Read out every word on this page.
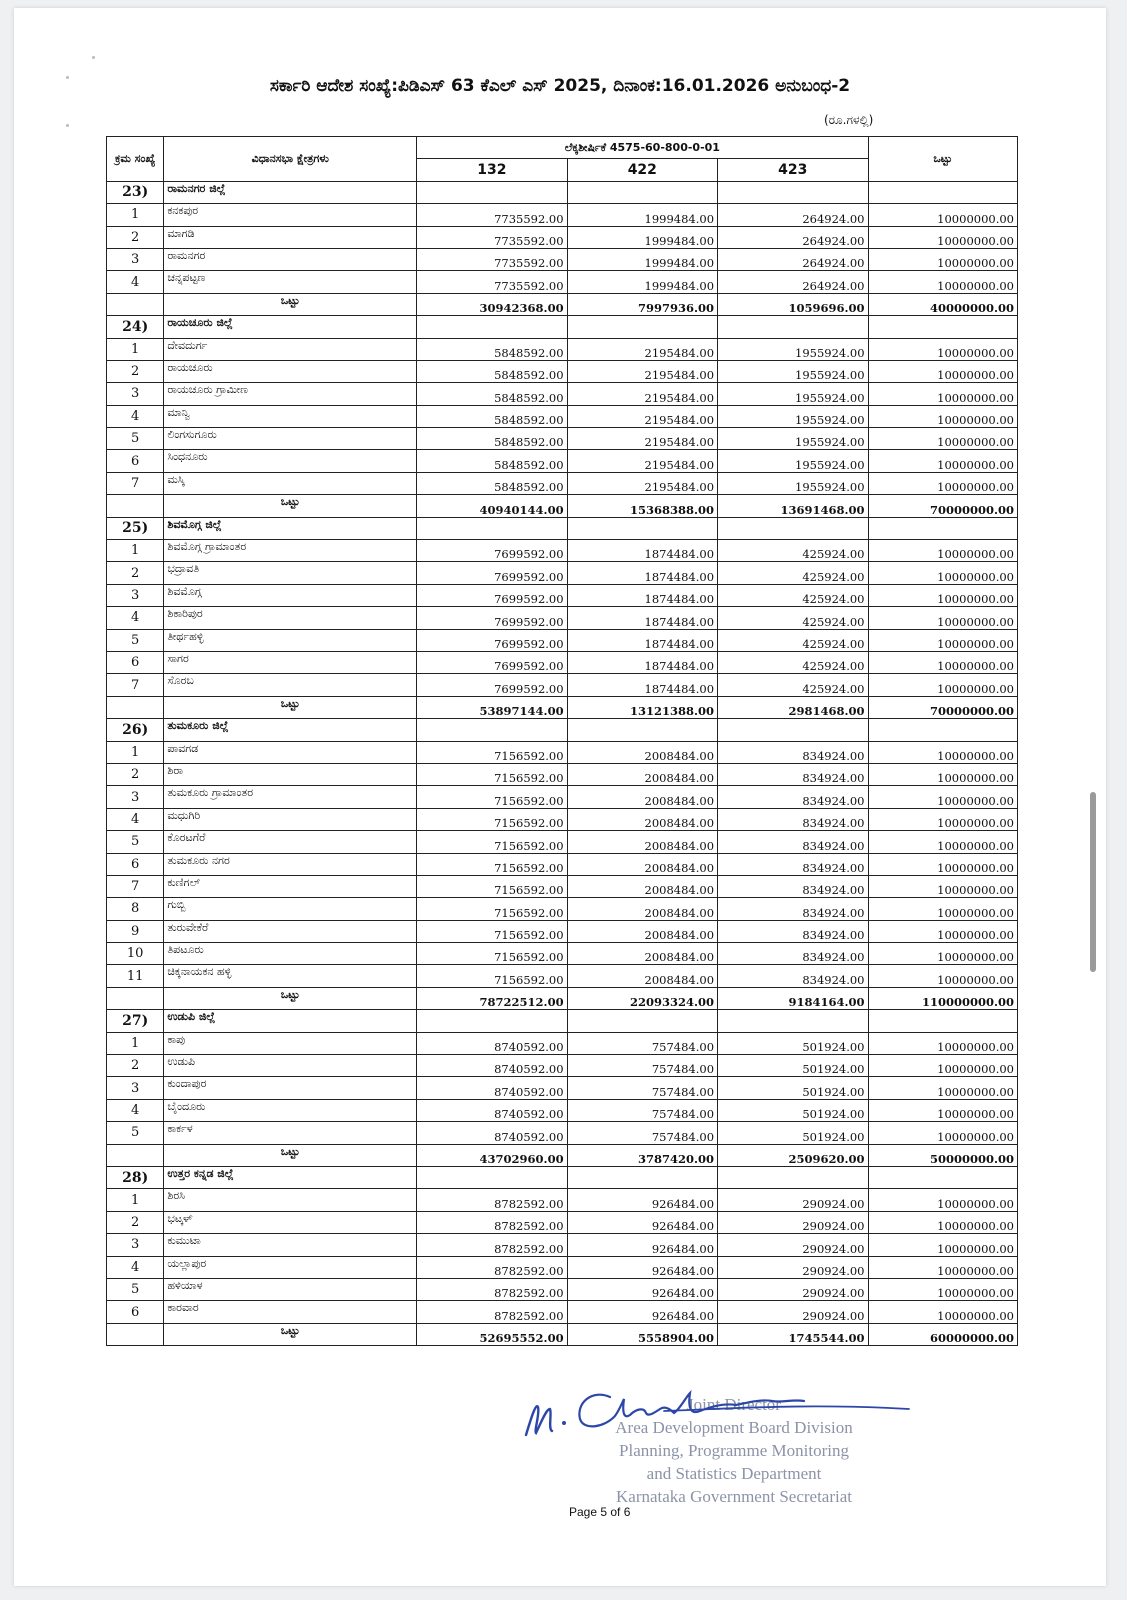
ಸರ್ಕಾರಿ ಆದೇಶ ಸಂಖ್ಯೆ:ಪಿಡಿಎಸ್ 63 ಕೆಎಲ್ ಎಸ್ 2025, ದಿನಾಂಕ:16.01.2026 ಅನುಬಂಧ-2
(ರೂ.ಗಳಲ್ಲಿ)
ಕ್ರಮ ಸಂಖ್ಯೆ	ವಿಧಾನಸಭಾ ಕ್ಷೇತ್ರಗಳು	ಲೆಕ್ಕಶೀರ್ಷಿಕೆ 4575-60-800-0-01			ಒಟ್ಟು
		132	422	423	
23)	ರಾಮನಗರ ಜಿಲ್ಲೆ				
1	ಕನಕಪುರ	7735592.00	1999484.00	264924.00	10000000.00
2	ಮಾಗಡಿ	7735592.00	1999484.00	264924.00	10000000.00
3	ರಾಮನಗರ	7735592.00	1999484.00	264924.00	10000000.00
4	ಚನ್ನಪಟ್ಟಣ	7735592.00	1999484.00	264924.00	10000000.00
	ಒಟ್ಟು	30942368.00	7997936.00	1059696.00	40000000.00
24)	ರಾಯಚೂರು ಜಿಲ್ಲೆ				
1	ದೇವದುರ್ಗ	5848592.00	2195484.00	1955924.00	10000000.00
2	ರಾಯಚೂರು	5848592.00	2195484.00	1955924.00	10000000.00
3	ರಾಯಚೂರು ಗ್ರಾಮೀಣ	5848592.00	2195484.00	1955924.00	10000000.00
4	ಮಾನ್ವಿ	5848592.00	2195484.00	1955924.00	10000000.00
5	ಲಿಂಗಸುಗೂರು	5848592.00	2195484.00	1955924.00	10000000.00
6	ಸಿಂಧನೂರು	5848592.00	2195484.00	1955924.00	10000000.00
7	ಮಸ್ಕಿ	5848592.00	2195484.00	1955924.00	10000000.00
	ಒಟ್ಟು	40940144.00	15368388.00	13691468.00	70000000.00
25)	ಶಿವಮೊಗ್ಗ ಜಿಲ್ಲೆ				
1	ಶಿವಮೊಗ್ಗ ಗ್ರಾಮಾಂತರ	7699592.00	1874484.00	425924.00	10000000.00
2	ಭದ್ರಾವತಿ	7699592.00	1874484.00	425924.00	10000000.00
3	ಶಿವಮೊಗ್ಗ	7699592.00	1874484.00	425924.00	10000000.00
4	ಶಿಕಾರಿಪುರ	7699592.00	1874484.00	425924.00	10000000.00
5	ತೀರ್ಥಹಳ್ಳಿ	7699592.00	1874484.00	425924.00	10000000.00
6	ಸಾಗರ	7699592.00	1874484.00	425924.00	10000000.00
7	ಸೊರಬ	7699592.00	1874484.00	425924.00	10000000.00
	ಒಟ್ಟು	53897144.00	13121388.00	2981468.00	70000000.00
26)	ತುಮಕೂರು ಜಿಲ್ಲೆ				
1	ಪಾವಗಡ	7156592.00	2008484.00	834924.00	10000000.00
2	ಶಿರಾ	7156592.00	2008484.00	834924.00	10000000.00
3	ತುಮಕೂರು ಗ್ರಾಮಾಂತರ	7156592.00	2008484.00	834924.00	10000000.00
4	ಮಧುಗಿರಿ	7156592.00	2008484.00	834924.00	10000000.00
5	ಕೊರಟಗೆರೆ	7156592.00	2008484.00	834924.00	10000000.00
6	ತುಮಕೂರು ನಗರ	7156592.00	2008484.00	834924.00	10000000.00
7	ಕುಣಿಗಲ್	7156592.00	2008484.00	834924.00	10000000.00
8	ಗುಬ್ಬಿ	7156592.00	2008484.00	834924.00	10000000.00
9	ತುರುವೇಕೆರೆ	7156592.00	2008484.00	834924.00	10000000.00
10	ತಿಪಟೂರು	7156592.00	2008484.00	834924.00	10000000.00
11	ಚಿಕ್ಕನಾಯಕನ ಹಳ್ಳಿ	7156592.00	2008484.00	834924.00	10000000.00
	ಒಟ್ಟು	78722512.00	22093324.00	9184164.00	110000000.00
27)	ಉಡುಪಿ ಜಿಲ್ಲೆ				
1	ಕಾಪು	8740592.00	757484.00	501924.00	10000000.00
2	ಉಡುಪಿ	8740592.00	757484.00	501924.00	10000000.00
3	ಕುಂದಾಪುರ	8740592.00	757484.00	501924.00	10000000.00
4	ಬೈಂದೂರು	8740592.00	757484.00	501924.00	10000000.00
5	ಕಾರ್ಕಳ	8740592.00	757484.00	501924.00	10000000.00
	ಒಟ್ಟು	43702960.00	3787420.00	2509620.00	50000000.00
28)	ಉತ್ತರ ಕನ್ನಡ ಜಿಲ್ಲೆ				
1	ಶಿರಸಿ	8782592.00	926484.00	290924.00	10000000.00
2	ಭಟ್ಕಳ್	8782592.00	926484.00	290924.00	10000000.00
3	ಕುಮುಟಾ	8782592.00	926484.00	290924.00	10000000.00
4	ಯಲ್ಲಾಪುರ	8782592.00	926484.00	290924.00	10000000.00
5	ಹಳಿಯಾಳ	8782592.00	926484.00	290924.00	10000000.00
6	ಕಾರವಾರ	8782592.00	926484.00	290924.00	10000000.00
	ಒಟ್ಟು	52695552.00	5558904.00	1745544.00	60000000.00
Joint Director
Area Development Board Division
Planning, Programme Monitoring
and Statistics Department
Karnataka Government Secretariat
Page 5 of 6
